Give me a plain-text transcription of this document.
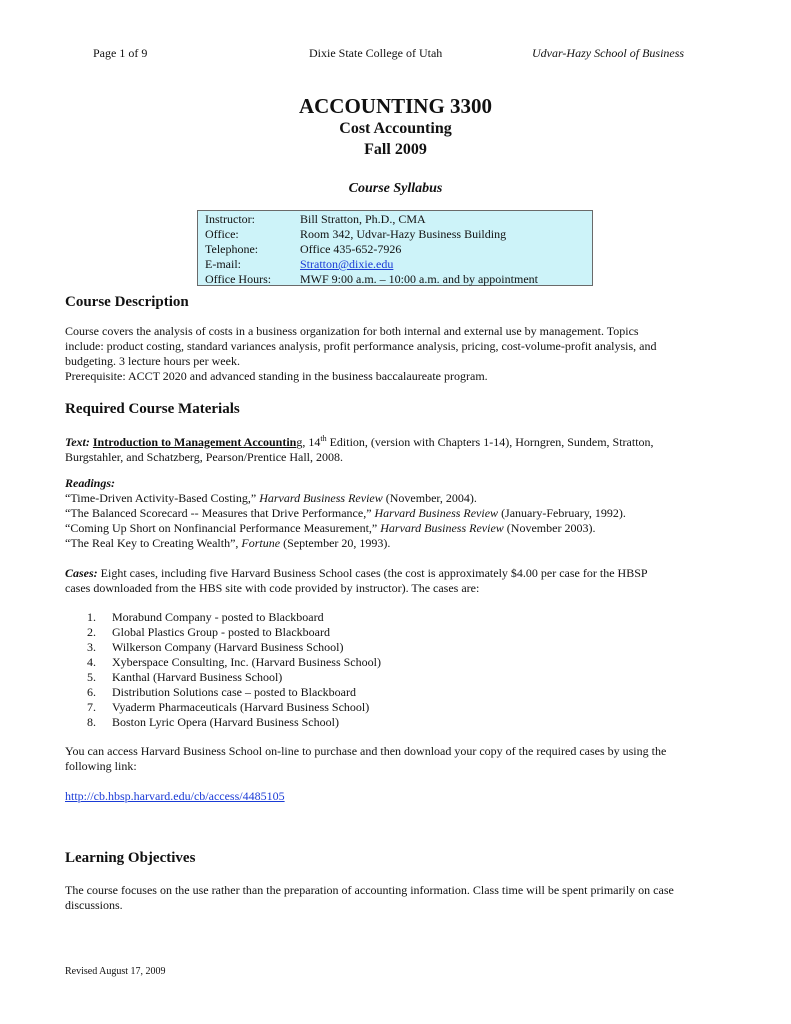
Page 1 of 9	Dixie State College of Utah	Udvar-Hazy School of Business
ACCOUNTING 3300
Cost Accounting
Fall 2009
Course Syllabus
Instructor:	Bill Stratton, Ph.D., CMA
Office:	Room 342, Udvar-Hazy Business Building
Telephone:	Office 435-652-7926
E-mail:	Stratton@dixie.edu
Office Hours: MWF 9:00 a.m. – 10:00 a.m. and by appointment
Course Description
Course covers the analysis of costs in a business organization for both internal and external use by management. Topics
include: product costing, standard variances analysis, profit performance analysis, pricing, cost-volume-profit analysis, and
budgeting. 3 lecture hours per week.
Prerequisite: ACCT 2020 and advanced standing in the business baccalaureate program.
Required Course Materials
Text: Introduction to Management Accounting, 14th Edition, (version with Chapters 1-14), Horngren, Sundem, Stratton,
Burgstahler, and Schatzberg, Pearson/Prentice Hall, 2008.
Readings:
“Time-Driven Activity-Based Costing,” Harvard Business Review (November, 2004).
“The Balanced Scorecard -- Measures that Drive Performance,” Harvard Business Review (January-February, 1992).
“Coming Up Short on Nonfinancial Performance Measurement,” Harvard Business Review (November 2003).
“The Real Key to Creating Wealth”, Fortune (September 20, 1993).
Cases: Eight cases, including five Harvard Business School cases (the cost is approximately $4.00 per case for the HBSP
cases downloaded from the HBS site with code provided by instructor). The cases are:
1. Morabund Company - posted to Blackboard
2. Global Plastics Group - posted to Blackboard
3. Wilkerson Company (Harvard Business School)
4. Xyberspace Consulting, Inc. (Harvard Business School)
5. Kanthal (Harvard Business School)
6. Distribution Solutions case – posted to Blackboard
7. Vyaderm Pharmaceuticals (Harvard Business School)
8. Boston Lyric Opera (Harvard Business School)
You can access Harvard Business School on-line to purchase and then download your copy of the required cases by using the
following link:
http://cb.hbsp.harvard.edu/cb/access/4485105
Learning Objectives
The course focuses on the use rather than the preparation of accounting information. Class time will be spent primarily on case
discussions.
Revised August 17, 2009
